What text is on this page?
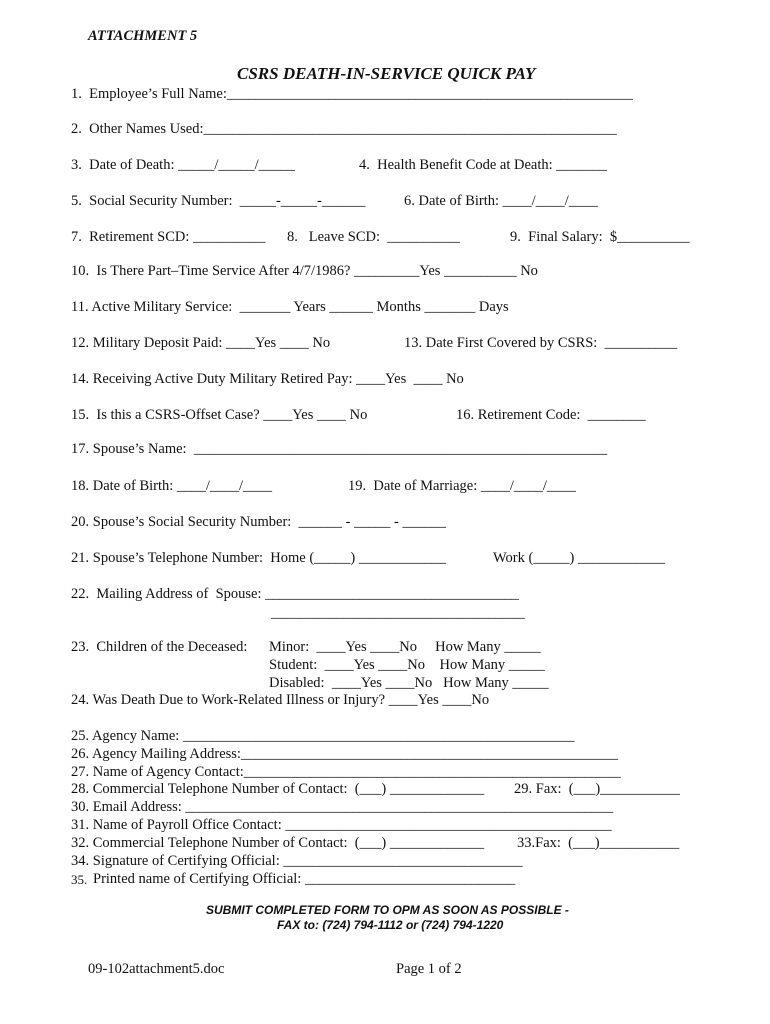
ATTACHMENT 5
CSRS DEATH-IN-SERVICE QUICK PAY
1.  Employee’s Full Name:________________________________________________________
2.  Other Names Used:_________________________________________________________
3.  Date of Death: _____/_____/_____	4.  Health Benefit Code at Death: _______
5.  Social Security Number:  _____-_____-______	6. Date of Birth: ____/____/____
7.  Retirement SCD: __________ 8.   Leave SCD:  __________	9.  Final Salary:  $__________
10.  Is There Part–Time Service After 4/7/1986? _________Yes __________ No
11. Active Military Service:  _______ Years ______ Months _______ Days
12. Military Deposit Paid: ____Yes ____ No	13. Date First Covered by CSRS:  __________
14. Receiving Active Duty Military Retired Pay: ____Yes  ____ No
15.  Is this a CSRS-Offset Case? ____Yes ____ No	16. Retirement Code:  ________
17. Spouse’s Name:  _________________________________________________________
18. Date of Birth: ____/____/____	19.  Date of Marriage: ____/____/____
20. Spouse’s Social Security Number:  ______ - _____ - ______
21. Spouse’s Telephone Number:  Home (_____) ____________	Work (_____) ____________
22.  Mailing Address of  Spouse: ___________________________________
___________________________________
23.  Children of the Deceased: Minor:  ____Yes ____No     How Many _____
Student:  ____Yes ____No    How Many _____
Disabled:  ____Yes ____No   How Many _____
24. Was Death Due to Work-Related Illness or Injury? ____Yes ____No
25. Agency Name: ______________________________________________________
26. Agency Mailing Address:____________________________________________________
27. Name of Agency Contact:____________________________________________________
28. Commercial Telephone Number of Contact:  (___) _____________ 29. Fax:  (___)___________
30. Email Address: ___________________________________________________________
31. Name of Payroll Office Contact: _____________________________________________
32. Commercial Telephone Number of Contact:  (___) _____________ 33.Fax:  (___)___________
34. Signature of Certifying Official: _________________________________
35. Printed name of Certifying Official: _____________________________
SUBMIT COMPLETED FORM TO OPM AS SOON AS POSSIBLE -
FAX to: (724) 794-1112 or (724) 794-1220
09-102attachment5.doc	Page 1 of 2
